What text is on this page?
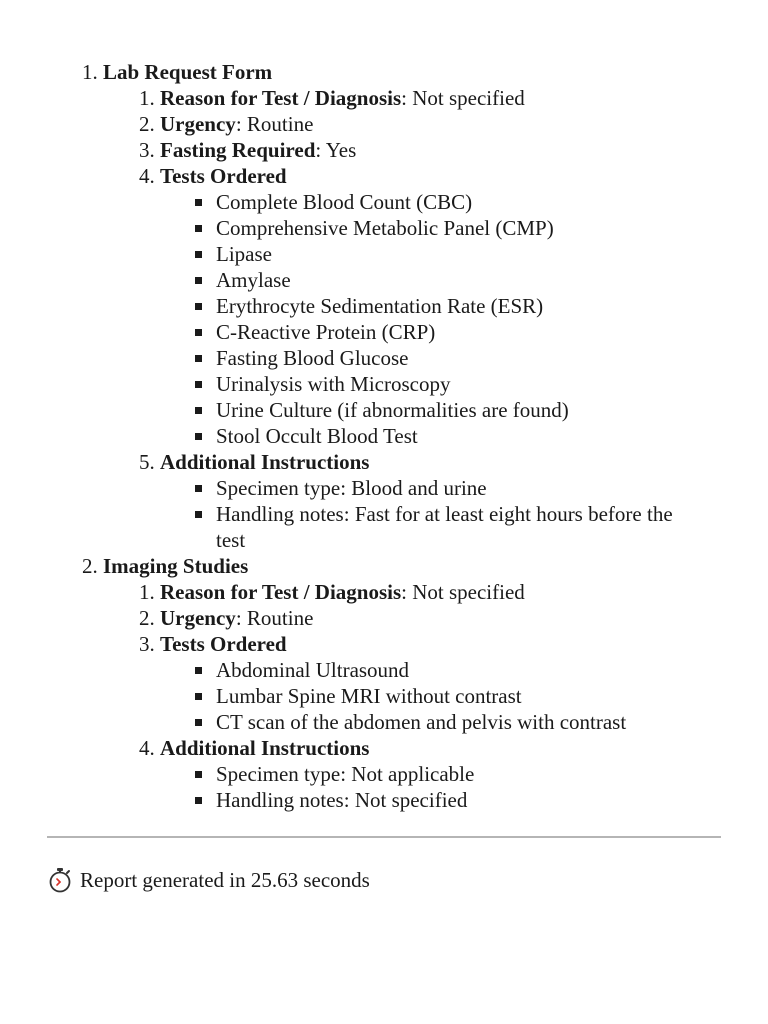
1. Lab Request Form
1. Reason for Test / Diagnosis: Not specified
2. Urgency: Routine
3. Fasting Required: Yes
4. Tests Ordered
Complete Blood Count (CBC)
Comprehensive Metabolic Panel (CMP)
Lipase
Amylase
Erythrocyte Sedimentation Rate (ESR)
C-Reactive Protein (CRP)
Fasting Blood Glucose
Urinalysis with Microscopy
Urine Culture (if abnormalities are found)
Stool Occult Blood Test
5. Additional Instructions
Specimen type: Blood and urine
Handling notes: Fast for at least eight hours before the test
2. Imaging Studies
1. Reason for Test / Diagnosis: Not specified
2. Urgency: Routine
3. Tests Ordered
Abdominal Ultrasound
Lumbar Spine MRI without contrast
CT scan of the abdomen and pelvis with contrast
4. Additional Instructions
Specimen type: Not applicable
Handling notes: Not specified
Report generated in 25.63 seconds
